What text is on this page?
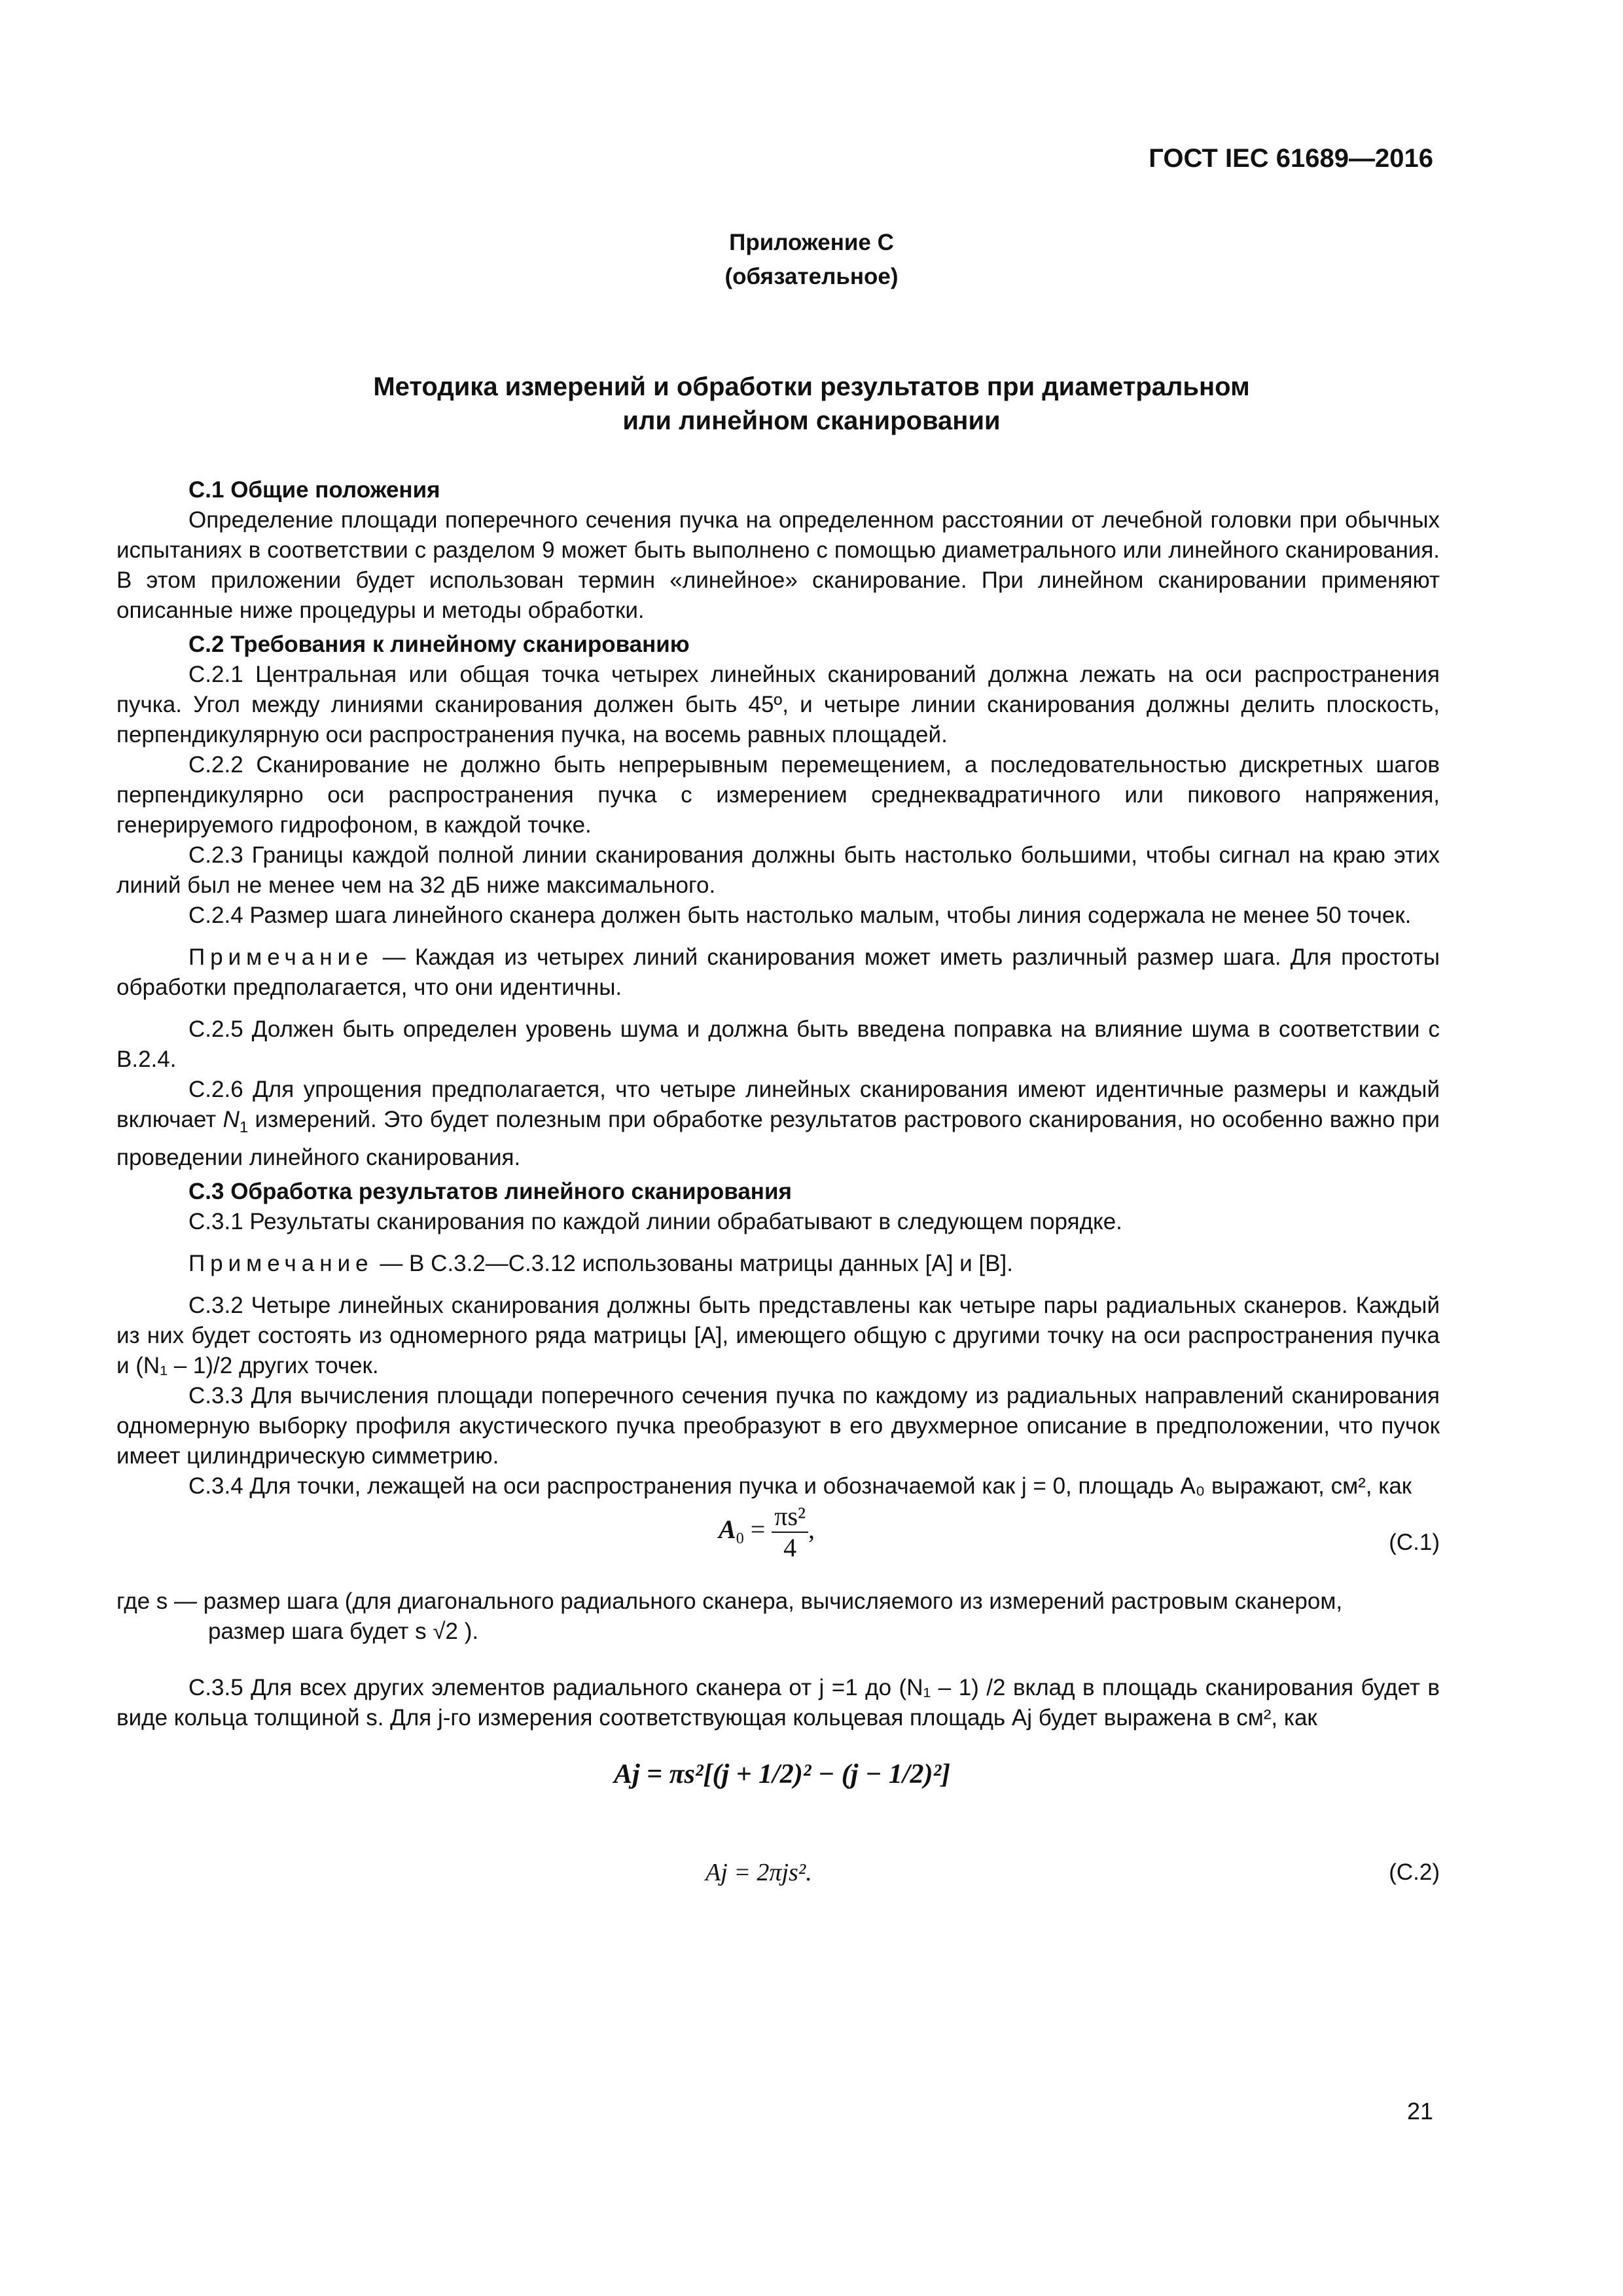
ГОСТ IEC 61689—2016
Приложение С
(обязательное)
Методика измерений и обработки результатов при диаметральном
или линейном сканировании

С.1 Общие положения

Определение площади поперечного сечения пучка на определенном расстоянии от лечебной головки при обычных испытаниях в соответствии с разделом 9 может быть выполнено с помощью диаметрального или линейного сканирования. В этом приложении будет использован термин «линейное» сканирование. При линейном сканировании применяют описанные ниже процедуры и методы обработки.

С.2 Требования к линейному сканированию

С.2.1 Центральная или общая точка четырех линейных сканирований должна лежать на оси распространения пучка. Угол между линиями сканирования должен быть 45º, и четыре линии сканирования должны делить плоскость, перпендикулярную оси распространения пучка, на восемь равных площадей.

С.2.2 Сканирование не должно быть непрерывным перемещением, а последовательностью дискретных шагов перпендикулярно оси распространения пучка с измерением среднеквадратичного или пикового напряжения, генерируемого гидрофоном, в каждой точке.

С.2.3 Границы каждой полной линии сканирования должны быть настолько большими, чтобы сигнал на краю этих линий был не менее чем на 32 дБ ниже максимального.

С.2.4 Размер шага линейного сканера должен быть настолько малым, чтобы линия содержала не менее 50 точек.

Примечание — Каждая из четырех линий сканирования может иметь различный размер шага. Для простоты обработки предполагается, что они идентичны.

С.2.5 Должен быть определен уровень шума и должна быть введена поправка на влияние шума в соответствии с В.2.4.

С.2.6 Для упрощения предполагается, что четыре линейных сканирования имеют идентичные размеры и каждый включает $N_1$ измерений. Это будет полезным при обработке результатов растрового сканирования, но особенно важно при проведении линейного сканирования.

С.3 Обработка результатов линейного сканирования

С.3.1 Результаты сканирования по каждой линии обрабатывают в следующем порядке.

Примечание — В С.3.2—С.3.12 использованы матрицы данных [A] и [B].

С.3.2 Четыре линейных сканирования должны быть представлены как четыре пары радиальных сканеров. Каждый из них будет состоять из одномерного ряда матрицы [А], имеющего общую с другими точку на оси распространения пучка и (N₁ – 1)/2 других точек.

С.3.3 Для вычисления площади поперечного сечения пучка по каждому из радиальных направлений сканирования одномерную выборку профиля акустического пучка преобразуют в его двухмерное описание в предположении, что пучок имеет цилиндрическую симметрию.

С.3.4 Для точки, лежащей на оси распространения пучка и обозначаемой как j = 0, площадь A₀ выражают, см², как

$A_0 = \frac{\text{πs²}}{4}$ ,	(С.1)

где s — размер шага (для диагонального радиального сканера, вычисляемого из измерений растровым сканером,

размер шага будет s √2 ).

С.3.5 Для всех других элементов радиального сканера от j =1 до (N₁ – 1) /2 вклад в площадь сканирования будет в виде кольца толщиной s. Для j-го измерения соответствующая кольцевая площадь Aj будет выражена в см², как

Aj = πs²[(j + 1/2)² − (j − 1/2)²]
Aj = 2πjs².	(С.2)
21
